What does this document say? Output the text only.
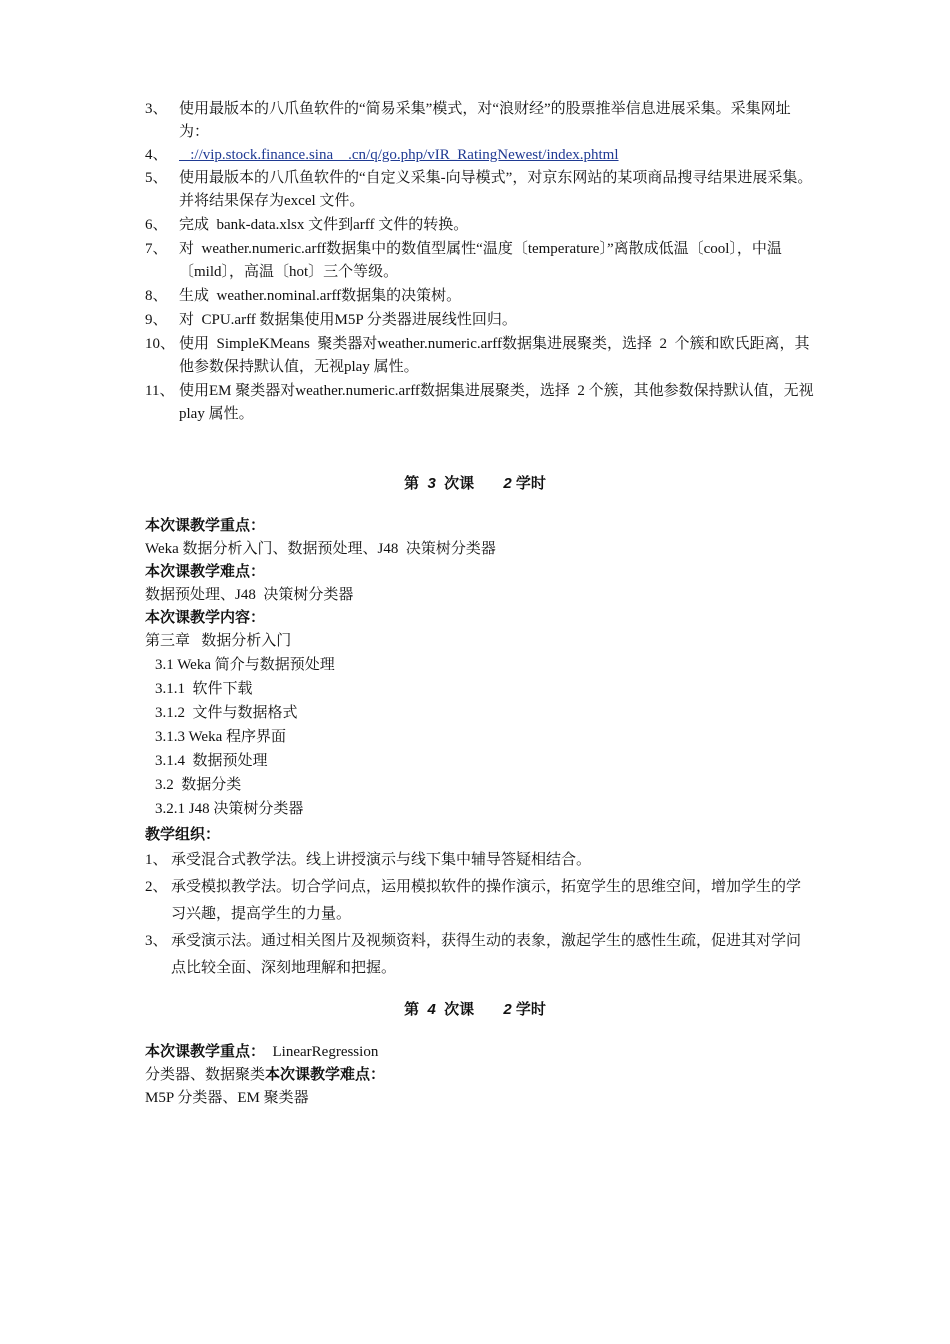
3、 使用最版本的八爪鱼软件的“简易采集”模式，对“浪财经”的股票推举信息进展采集。采集网址为：
4、 ://vip.stock.finance.sina    .cn/q/go.php/vIR_RatingNewest/index.phtml
5、 使用最版本的八爪鱼软件的“自定义采集-向导模式”，对京东网站的某项商品搜寻结果进展采集。并将结果保存为excel 文件。
6、 完成  bank-data.xlsx 文件到arff 文件的转换。
7、 对  weather.numeric.arff数据集中的数值型属性“温度〔temperature〕”离散成低温〔cool〕，中温〔mild〕，高温〔hot〕三个等级。
8、 生成  weather.nominal.arff数据集的决策树。
9、 对  CPU.arff 数据集使用M5P 分类器进展线性回归。
10、 使用  SimpleKMeans  聚类器对weather.numeric.arff数据集进展聚类，选择  2  个簇和欧氏距离，其他参数保持默认值，无视play 属性。
11、 使用EM 聚类器对weather.numeric.arff数据集进展聚类，选择  2 个簇，其他参数保持默认值，无视play 属性。
第 3 次课 2 学时
本次课教学重点：
Weka 数据分析入门、数据预处理、J48  决策树分类器
本次课教学难点：
数据预处理、J48  决策树分类器
本次课教学内容：
第三章   数据分析入门
3.1 Weka 简介与数据预处理
3.1.1  软件下载
3.1.2  文件与数据格式
3.1.3 Weka 程序界面
3.1.4  数据预处理
3.2  数据分类
3.2.1 J48 决策树分类器
教学组织：
1、 承受混合式教学法。线上讲授演示与线下集中辅导答疑相结合。
2、 承受模拟教学法。切合学问点，运用模拟软件的操作演示，拓宽学生的思维空间，增加学生的学习兴趣，提高学生的力量。
3、 承受演示法。通过相关图片及视频资料，获得生动的表象，激起学生的感性生疏，促进其对学问点比较全面、深刻地理解和把握。
第 4 次课 2 学时
本次课教学重点：  LinearRegression
分类器、数据聚类本次课教学难点：
M5P 分类器、EM 聚类器
